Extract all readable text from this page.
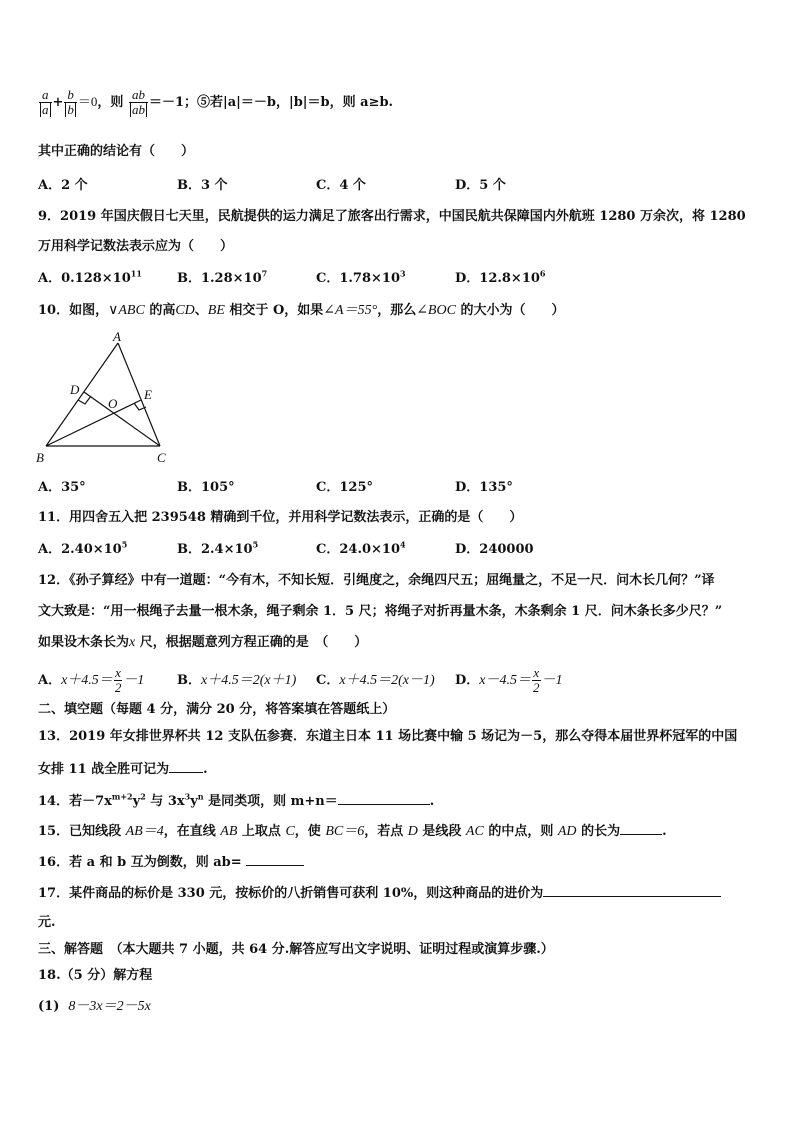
$\frac{a}{a} + \frac{b}{b} =0$，则 $\frac{ab}{ab} =-1$；⑤若|a|＝－b，|b|＝b，则 a≥b.
其中正确的结论有（　　）
A．2 个	B．3 个	C．4 个	D．5 个
9．2019 年国庆假日七天里，民航提供的运力满足了旅客出行需求，中国民航共保障国内外航班 1280 万余次，将 1280
万用科学记数法表示应为（　　）
A．$0.128\times 10^{11}$	B．$1.28\times 10^7$	C．$1.78\times 10^3$	D．$12.8\times 10^6$
10．如图，∨ABC 的高CD、BE 相交于 O，如果∠A＝55°，那么∠BOC 的大小为（　　）
A
B	C
D	E
O
A．35°	B．105°	C．125°	D．135°
11．用四舍五入把 239548 精确到千位，并用科学记数法表示，正确的是（　　）
A．$2.40\times 10^5$	B．$2.4\times 10^5$	C．$24.0\times 10^4$	D．240000
12．《孙子算经》中有一道题：“今有木，不知长短．引绳度之，余绳四尺五；屈绳量之，不足一尺．问木长几何？”译
文大致是：“用一根绳子去量一根木条，绳子剩余 1．5 尺；将绳子对折再量木条，木条剩余 1 尺．问木条长多少尺？”
如果设木条长为x 尺，根据题意列方程正确的是　（　　）
A．$x+4.5= \frac{x}{2} -1$	B．x＋4.5＝2(x＋1) C．x＋4.5＝2(x－1) D．$x-4.5= \frac{x}{2} -1$
二、填空题（每题 4 分，满分 20 分，将答案填在答题纸上）
13．2019 年女排世界杯共 12 支队伍参赛．东道主日本 11 场比赛中输 5 场记为－5，那么夺得本届世界杯冠军的中国
女排 11 战全胜可记为	.
14．若$-7x^{m+2}y^2$ 与 $3x^3y^n$ 是同类项，则 m+n＝	.
15．已知线段 AB＝4，在直线 AB 上取点 C，使 BC＝6，若点 D 是线段 AC 的中点，则 AD 的长为	.
16．若 a 和 b 互为倒数，则 ab=
17．某件商品的标价是 330 元，按标价的八折销售可获利 10%，则这种商品的进价为
元.
三、解答题　（本大题共 7 小题，共 64 分.解答应写出文字说明、证明过程或演算步骤.）
18.（5 分）解方程
(1) 8－3x＝2－5x
